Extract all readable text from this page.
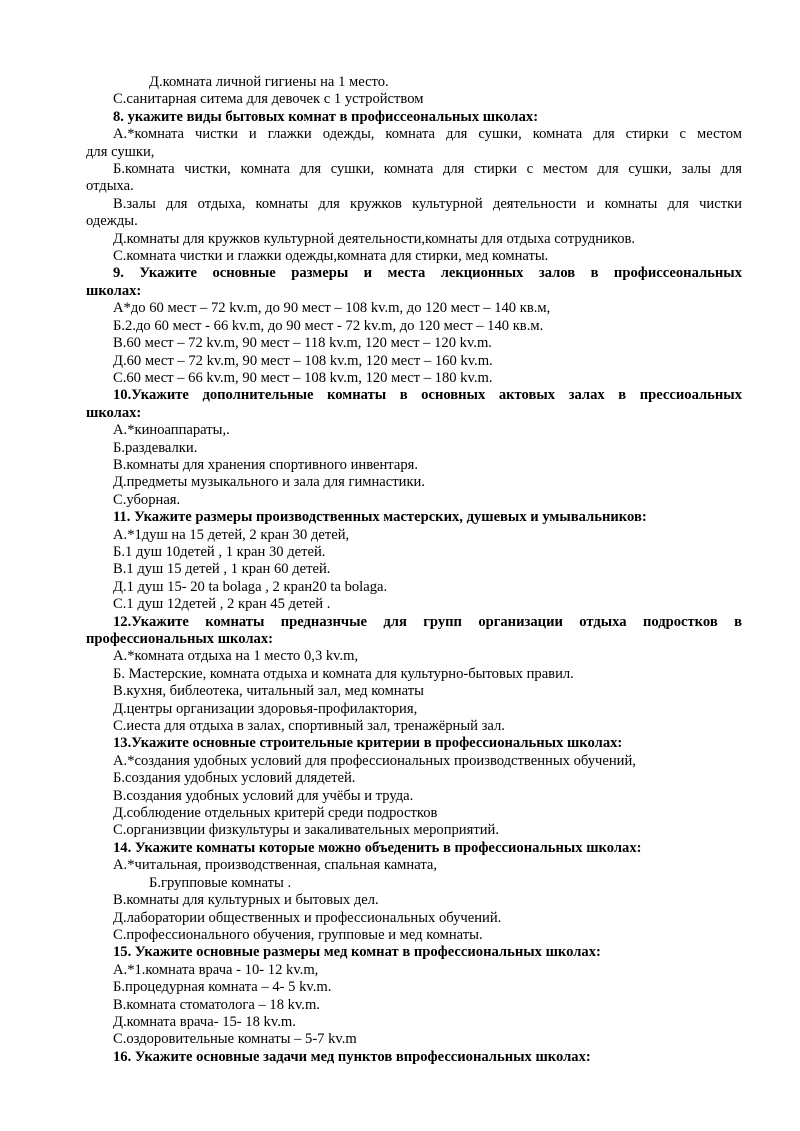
Д.комната личной гигиены на 1 место.
С.санитарная ситема для девочек с 1 устройством
8. укажите виды бытовых комнат в профиссеональных школах:
А.*комната чистки и глажки одежды, комната для сушки, комната для стирки с местом
для сушки,
Б.комната чистки, комната для сушки, комната для стирки с местом для сушки, залы для
отдыха.
В.залы для отдыха, комнаты для кружков культурной деятельности и комнаты для чистки
одежды.
Д.комнаты для кружков культурной деятельности,комнаты для отдыха сотрудников.
С.комната чистки и глажки одежды,комната для стирки, мед комнаты.
9. Укажите основные размеры и места лекционных залов в профиссеональных
школах:
А*до 60 мест – 72 kv.m, до 90 мест – 108 kv.m, до 120 мест – 140 кв.м,
Б.2.до 60 мест - 66 kv.m, до 90 мест - 72 kv.m, до 120 мест – 140 кв.м.
В.60 мест – 72 kv.m, 90 мест – 118 kv.m, 120 мест – 120 kv.m.
Д.60 мест – 72 kv.m, 90 мест – 108 kv.m, 120 мест – 160 kv.m.
С.60 мест – 66 kv.m, 90 мест – 108 kv.m, 120 мест – 180 kv.m.
10.Укажите дополнительные комнаты в основных актовых залах в прессиоальных
школах:
А.*киноаппараты,.
Б.раздевалки.
В.комнаты для хранения спортивного инвентаря.
Д.предметы музыкального и зала для гимнастики.
С.уборная.
11. Укажите размеры производственных мастерских, душевых и умывальников:
А.*1душ на 15 детей, 2 кран 30 детей,
Б.1 душ 10детей , 1 кран 30 детей.
В.1 душ 15 детей , 1 кран 60 детей.
Д.1 душ 15- 20 ta bolaga , 2 кран20 ta bolaga.
С.1 душ 12детей , 2 кран 45 детей .
12.Укажите комнаты предназнчые для групп организации отдыха подростков в
профессиональных школах:
А.*комната отдыха на 1 место 0,3 kv.m,
Б. Мастерские, комната отдыха и комната для культурно-бытовых правил.
В.кухня, библеотека, читальный зал, мед комнаты
Д.центры организации здоровья-профилактория,
С.иеста для отдыха в залах, спортивный зал, тренажёрный зал.
13.Укажите основные строительные критерии в профессиональных школах:
А.*создания удобных условий для профессиональных производственных обучений,
Б.создания удобных условий длядетей.
В.создания удобных условий для учёбы и труда.
Д.соблюдение отдельных критерй среди подростков
С.организвции физкультуры и закаливательных мероприятий.
14. Укажите комнаты которые можно объеденить в профессиональных школах:
А.*читальная, производственная, спальная камната,
Б.групповые комнаты .
В.комнаты для культурных и бытовых дел.
Д.лаборатории общественных и профессиональных обучений.
С.профессионального обучения, групповые и мед комнаты.
15. Укажите основные размеры мед комнат в профессиональных школах:
А.*1.комната врача - 10- 12 kv.m,
Б.процедурная комната – 4- 5 kv.m.
В.комната стоматолога – 18 kv.m.
Д.комната врача- 15- 18 kv.m.
С.оздоровительные комнаты – 5-7 kv.m
16. Укажите основные задачи мед пунктов впрофессиональных школах:
